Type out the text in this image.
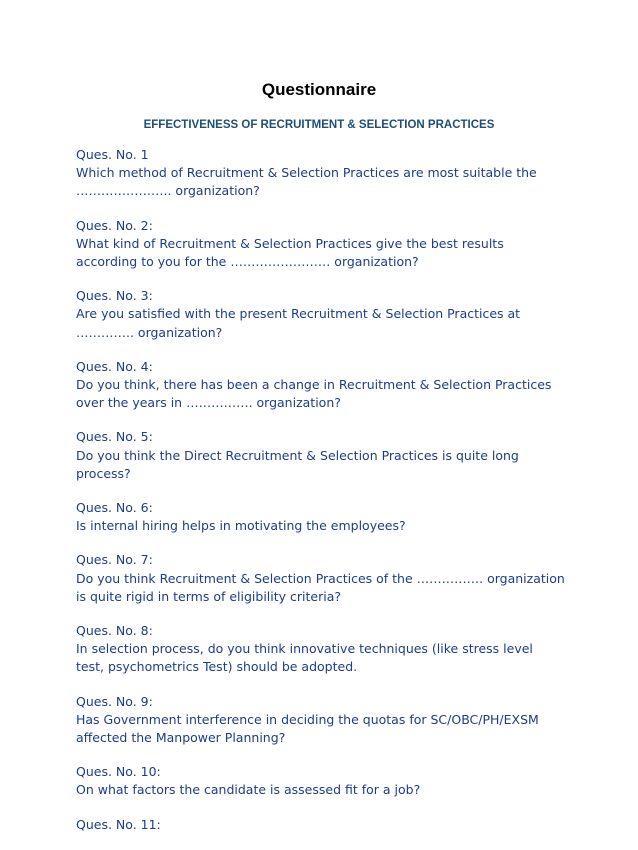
Questionnaire
EFFECTIVENESS OF RECRUITMENT & SELECTION PRACTICES

Ques. No. 1

Which method of Recruitment & Selection Practices are most suitable the

………………….. organization?

Ques. No. 2:

What kind of Recruitment & Selection Practices give the best results

according to you for the …………………… organization?

Ques. No. 3:

Are you satisfied with the present Recruitment & Selection Practices at

………….. organization?

Ques. No. 4:

Do you think, there has been a change in Recruitment & Selection Practices

over the years in ……………. organization?

Ques. No. 5:

Do you think the Direct Recruitment & Selection Practices is quite long

process?

Ques. No. 6:

Is internal hiring helps in motivating the employees?

Ques. No. 7:

Do you think Recruitment & Selection Practices of the ……………. organization

is quite rigid in terms of eligibility criteria?

Ques. No. 8:

In selection process, do you think innovative techniques (like stress level

test, psychometrics Test) should be adopted.

Ques. No. 9:

Has Government interference in deciding the quotas for SC/OBC/PH/EXSM

affected the Manpower Planning?

Ques. No. 10:

On what factors the candidate is assessed fit for a job?

Ques. No. 11:
